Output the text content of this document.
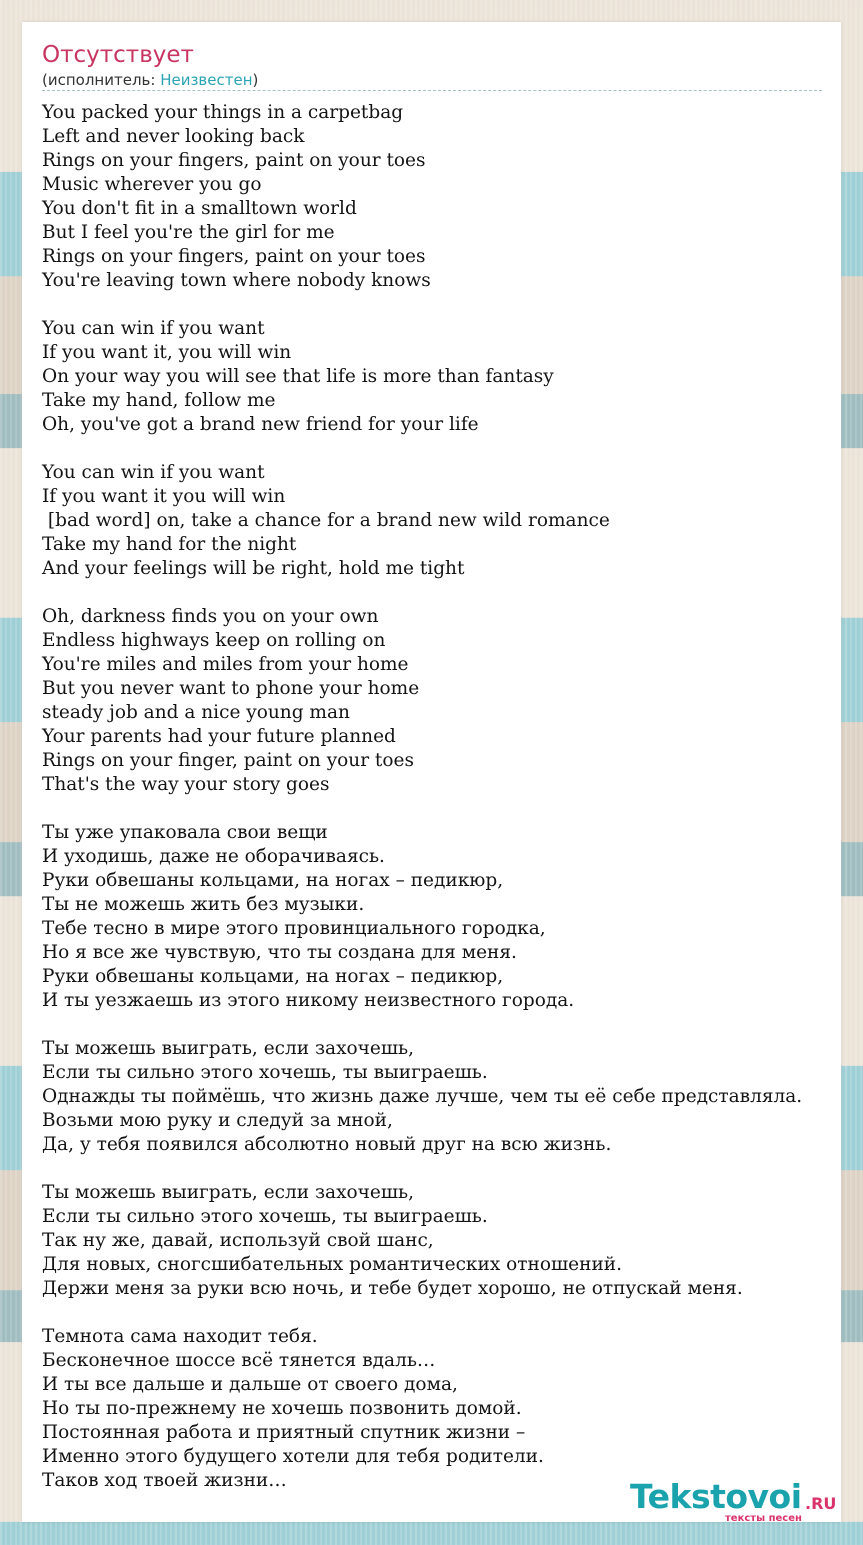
Отсутствует
(исполнитель: Неизвестен)
You packed your things in a carpetbag
Left and never looking back
Rings on your fingers, paint on your toes
Music wherever you go
You don't fit in a smalltown world
But I feel you're the girl for me
Rings on your fingers, paint on your toes
You're leaving town where nobody knows

You can win if you want
If you want it, you will win
On your way you will see that life is more than fantasy
Take my hand, follow me
Oh, you've got a brand new friend for your life

You can win if you want
If you want it you will win
[bad word] on, take a chance for a brand new wild romance
Take my hand for the night
And your feelings will be right, hold me tight

Oh, darkness finds you on your own
Endless highways keep on rolling on
You're miles and miles from your home
But you never want to phone your home
steady job and a nice young man
Your parents had your future planned
Rings on your finger, paint on your toes
That's the way your story goes

Ты уже упаковала свои вещи
И уходишь, даже не оборачиваясь.
Руки обвешаны кольцами, на ногах – педикюр,
Ты не можешь жить без музыки.
Тебе тесно в мире этого провинциального городка,
Но я все же чувствую, что ты создана для меня.
Руки обвешаны кольцами, на ногах – педикюр,
И ты уезжаешь из этого никому неизвестного города.

Ты можешь выиграть, если захочешь,
Если ты сильно этого хочешь, ты выиграешь.
Однажды ты поймёшь, что жизнь даже лучше, чем ты её себе представляла.
Возьми мою руку и следуй за мной,
Да, у тебя появился абсолютно новый друг на всю жизнь.

Ты можешь выиграть, если захочешь,
Если ты сильно этого хочешь, ты выиграешь.
Так ну же, давай, используй свой шанс,
Для новых, сногсшибательных романтических отношений.
Держи меня за руки всю ночь, и тебе будет хорошо, не отпускай меня.

Темнота сама находит тебя.
Бесконечное шоссе всё тянется вдаль…
И ты все дальше и дальше от своего дома,
Но ты по-прежнему не хочешь позвонить домой.
Постоянная работа и приятный спутник жизни –
Именно этого будущего хотели для тебя родители.
Таков ход твоей жизни…	Tekstovoi .RU
тексты песен
